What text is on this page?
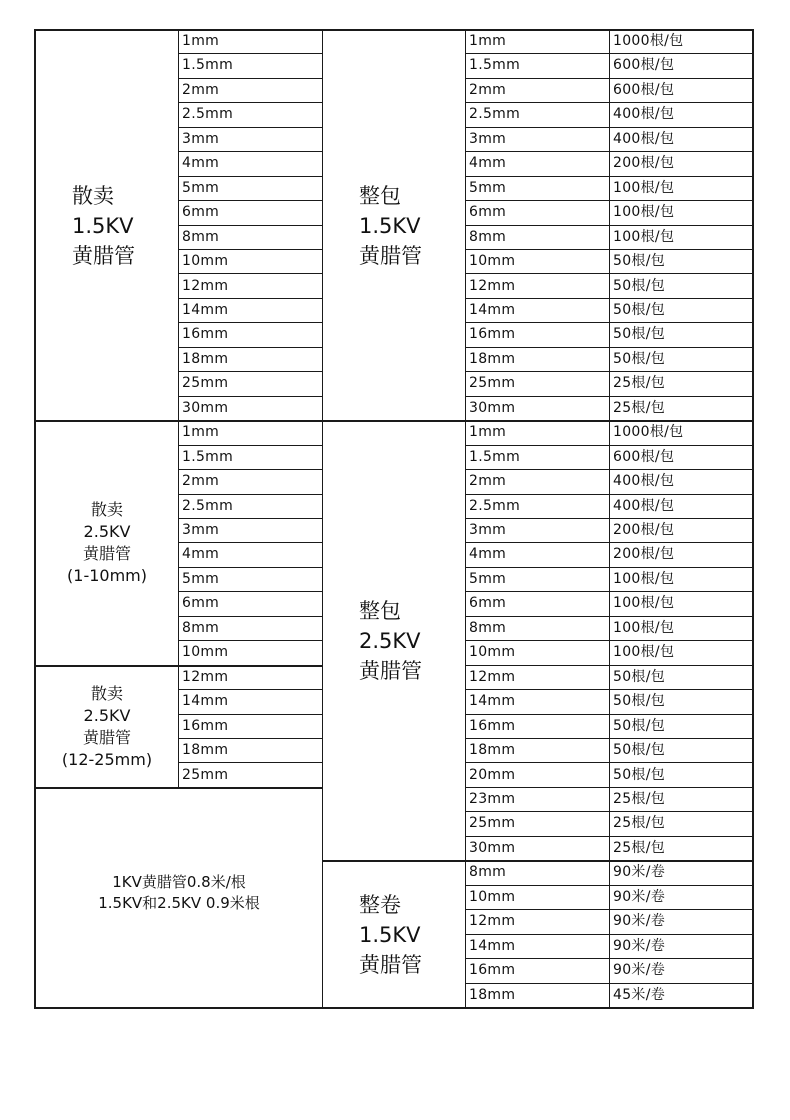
散卖
1.5KV
黄腊管
1mm
1.5mm
2mm
2.5mm
3mm
4mm
5mm
6mm
8mm
10mm
12mm
14mm
16mm
18mm
25mm
30mm
散卖
2.5KV
黄腊管
(1-10mm)
1mm
1.5mm
2mm
2.5mm
3mm
4mm
5mm
6mm
8mm
10mm
散卖
2.5KV
黄腊管
(12-25mm)
12mm
14mm
16mm
18mm
25mm
1KV黄腊管0.8米/根
1.5KV和2.5KV 0.9米根
整包
1.5KV
黄腊管
1mm
1.5mm
2mm
2.5mm
3mm
4mm
5mm
6mm
8mm
10mm
12mm
14mm
16mm
18mm
25mm
30mm
1000根/包
600根/包
600根/包
400根/包
400根/包
200根/包
100根/包
100根/包
100根/包
50根/包
50根/包
50根/包
50根/包
50根/包
25根/包
25根/包
整包
2.5KV
黄腊管
1mm
1.5mm
2mm
2.5mm
3mm
4mm
5mm
6mm
8mm
10mm
12mm
14mm
16mm
18mm
20mm
23mm
25mm
30mm
1000根/包
600根/包
400根/包
400根/包
200根/包
200根/包
100根/包
100根/包
100根/包
100根/包
50根/包
50根/包
50根/包
50根/包
50根/包
25根/包
25根/包
25根/包
整卷
1.5KV
黄腊管
8mm
10mm
12mm
14mm
16mm
18mm
90米/卷
90米/卷
90米/卷
90米/卷
90米/卷
45米/卷
